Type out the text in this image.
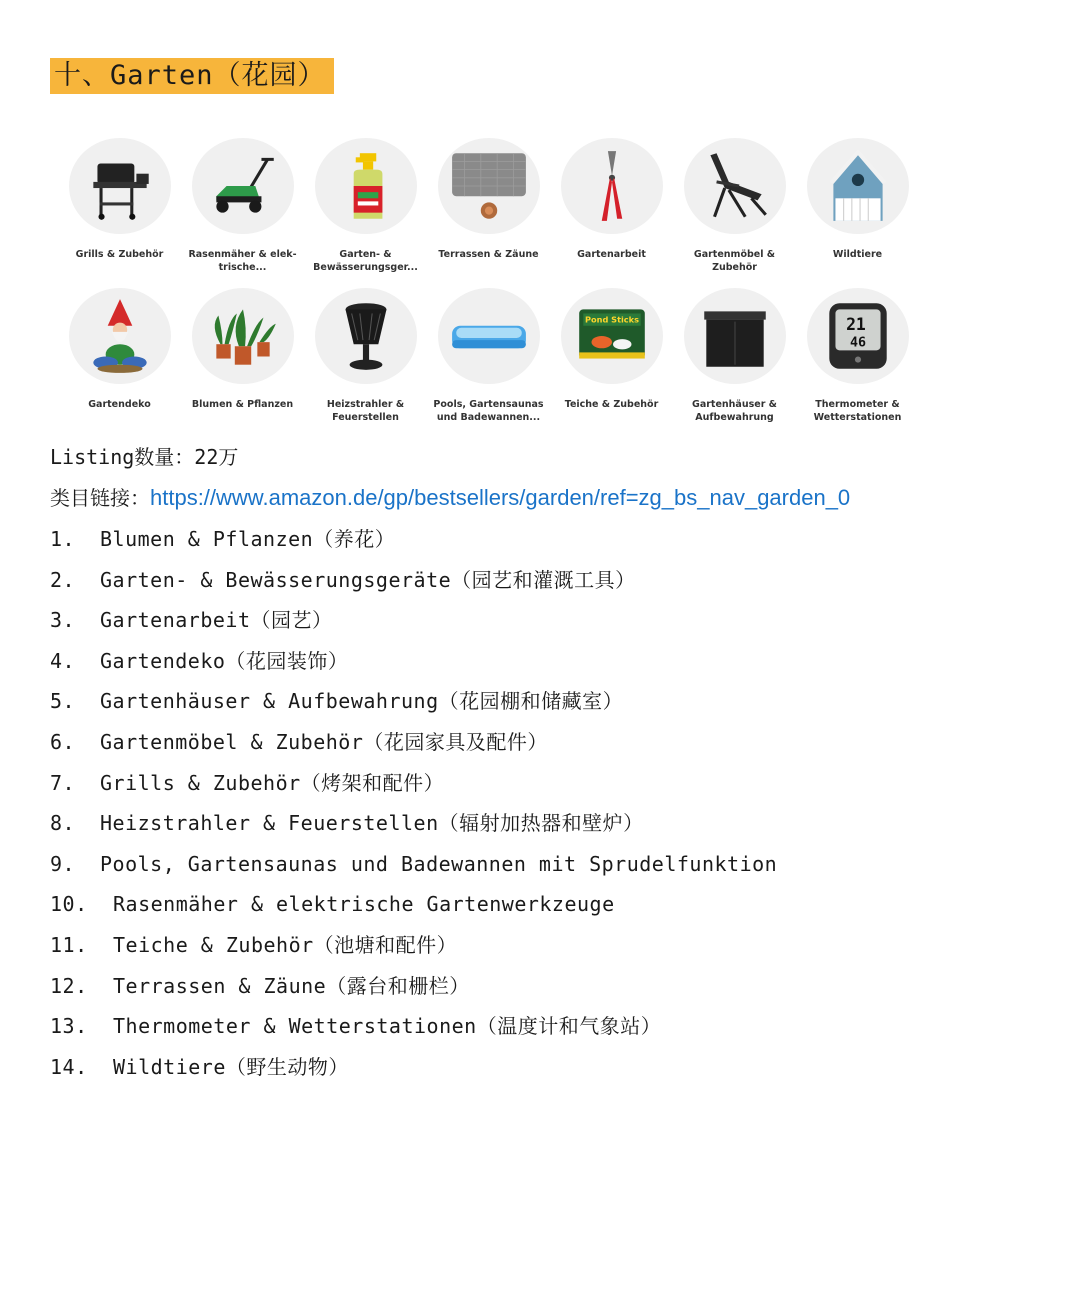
十、Garten（花园）
Grills & Zubehör	Rasenmäher & elek-trische...
Garten- & Bewässerungsger...
Terrassen & Zäune	Gartenarbeit	Gartenmöbel & Zubehör
Wildtiere
Gartendeko	Blumen & Pflanzen	Heizstrahler & Feuerstellen
Pools, Gartensaunas und Badewannen...
Pond Sticks
Teiche & Zubehör	Gartenhäuser & Aufbewahrung
21
46
Thermometer & Wetterstationen
Listing数量：22万
类目链接：https://www.amazon.de/gp/bestsellers/garden/ref=zg_bs_nav_garden_0
1. Blumen & Pflanzen（养花）
2. Garten- & Bewässerungsgeräte（园艺和灌溉工具）
3. Gartenarbeit（园艺）
4. Gartendeko（花园装饰）
5. Gartenhäuser & Aufbewahrung（花园棚和储藏室）
6. Gartenmöbel & Zubehör（花园家具及配件）
7. Grills & Zubehör（烤架和配件）
8. Heizstrahler & Feuerstellen（辐射加热器和壁炉）
9. Pools, Gartensaunas und Badewannen mit Sprudelfunktion
10. Rasenmäher & elektrische Gartenwerkzeuge
11. Teiche & Zubehör（池塘和配件）
12. Terrassen & Zäune（露台和栅栏）
13. Thermometer & Wetterstationen（温度计和气象站）
14. Wildtiere（野生动物）
